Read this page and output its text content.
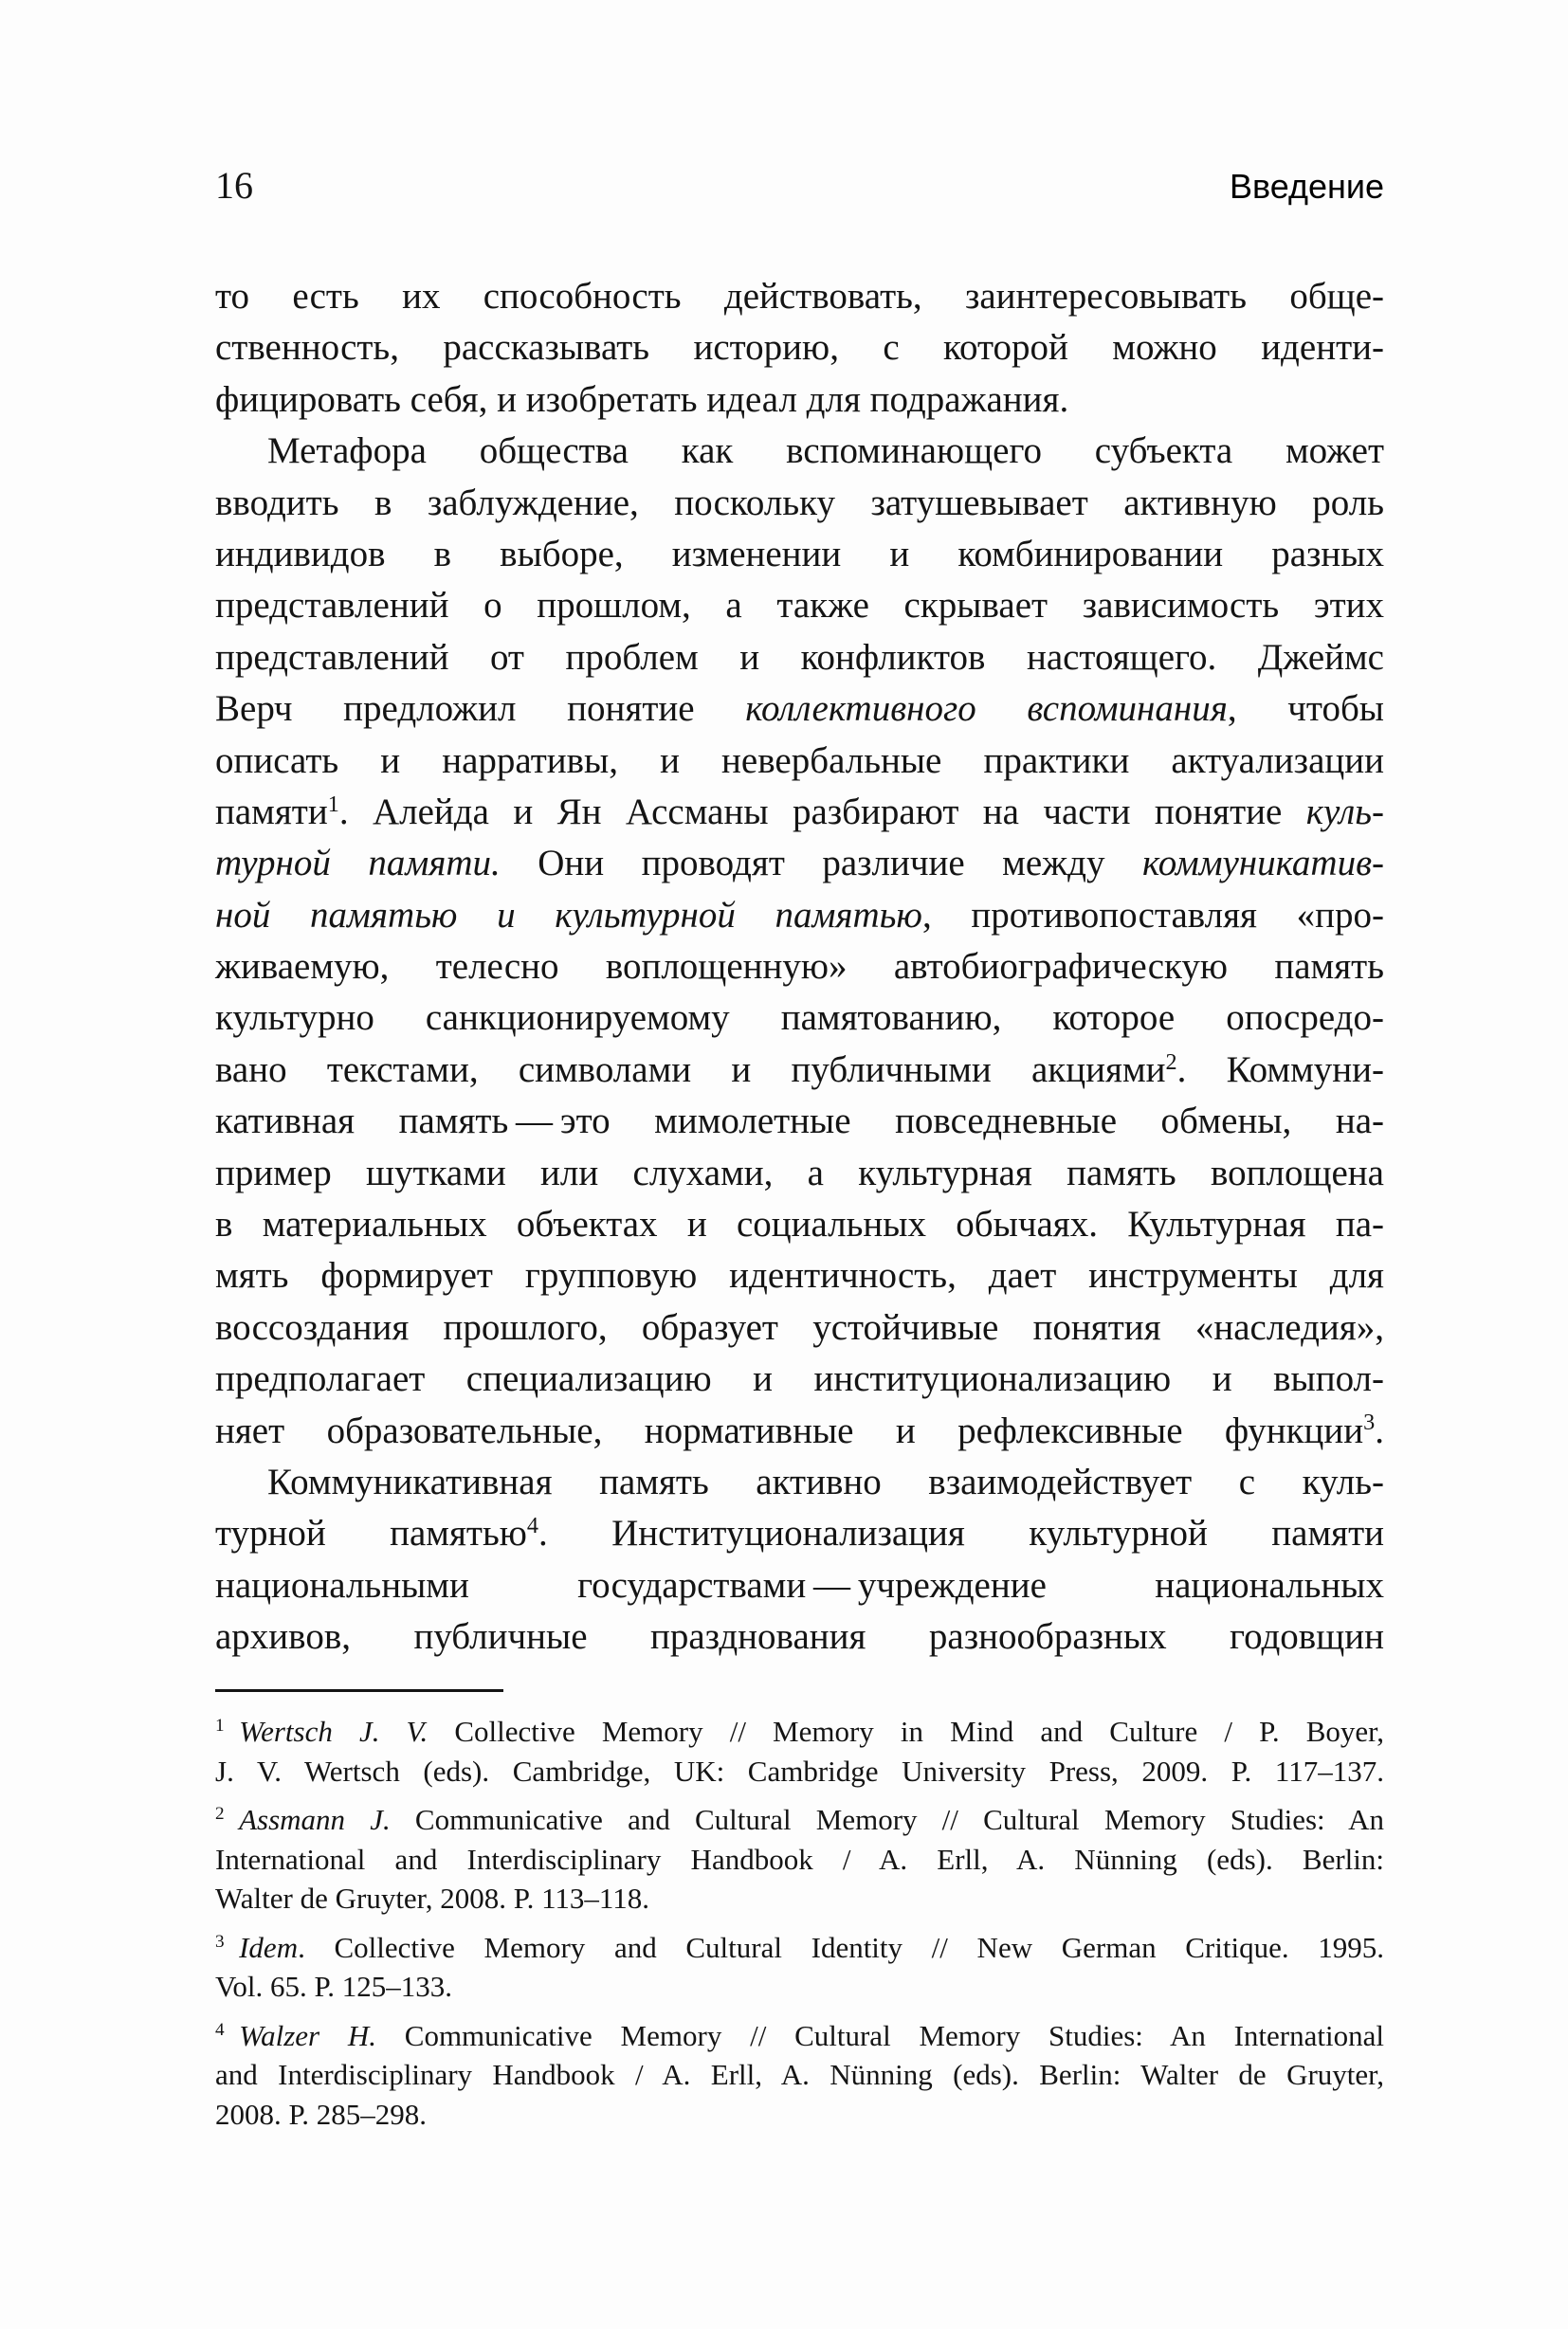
16	Введение
то есть их способность действовать, заинтересовывать обще-
ственность, рассказывать историю, с которой можно иденти-
фицировать себя, и изобретать идеал для подражания.
Метафора общества как вспоминающего субъекта может
вводить в заблуждение, поскольку затушевывает активную роль
индивидов в выборе, изменении и комбинировании разных
представлений о прошлом, а также скрывает зависимость этих
представлений от проблем и конфликтов настоящего. Джеймс
Верч предложил понятие коллективного вспоминания, чтобы
описать и нарративы, и невербальные практики актуализации
памяти$^1$. Алейда и Ян Ассманы разбирают на части понятие куль-
турной памяти. Они проводят различие между коммуникатив-
ной памятью и культурной памятью, противопоставляя «про-
живаемую, телесно воплощенную» автобиографическую память
культурно санкционируемому памятованию, которое опосредо-
вано текстами, символами и публичными акциями$^2$. Коммуни-
кативная память — это мимолетные повседневные обмены, на-
пример шутками или слухами, а культурная память воплощена
в материальных объектах и социальных обычаях. Культурная па-
мять формирует групповую идентичность, дает инструменты для
воссоздания прошлого, образует устойчивые понятия «наследия»,
предполагает специализацию и институционализацию и выпол-
няет образовательные, нормативные и рефлексивные функции$^3$.
Коммуникативная память активно взаимодействует с куль-
турной памятью$^4$. Институционализация культурной памяти
национальными государствами — учреждение национальных
архивов, публичные празднования разнообразных годовщин
$^1$  Wertsch J. V. Collective Memory // Memory in Mind and Culture / P. Boyer,
J. V. Wertsch (eds). Cambridge, UK: Cambridge University Press, 2009. P. 117–137.
$^2$  Assmann J. Communicative and Cultural Memory // Cultural Memory Studies: An
International and Interdisciplinary Handbook / A. Erll, A. Nünning (eds). Berlin:
Walter de Gruyter, 2008. P. 113–118.
$^3$  Idem. Collective Memory and Cultural Identity // New German Critique. 1995.
Vol. 65. P. 125–133.
$^4$  Walzer H. Communicative Memory // Cultural Memory Studies: An International
and Interdisciplinary Handbook / A. Erll, A. Nünning (eds). Berlin: Walter de Gruyter,
2008. P. 285–298.
